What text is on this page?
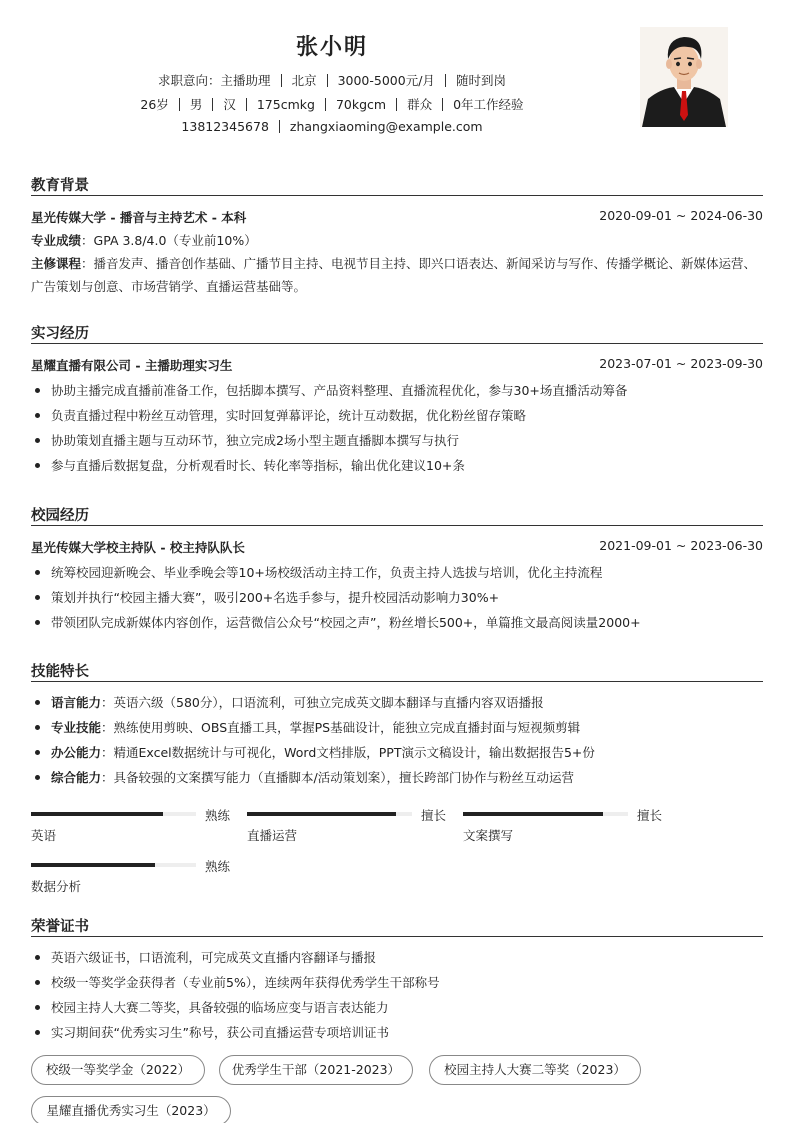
张小明
求职意向：主播助理 北京 3000-5000元/月 随时到岗
26岁 男 汉 175cmkg 70kgcm 群众 0年工作经验
13812345678 zhangxiaoming@example.com
教育背景
星光传媒大学 - 播音与主持艺术 - 本科	2020-09-01 ~ 2024-06-30
专业成绩：GPA 3.8/4.0（专业前10%）
主修课程：播音发声、播音创作基础、广播节目主持、电视节目主持、即兴口语表达、新闻采访与写作、传播学概论、新媒体运营、广告策划与创意、市场营销学、直播运营基础等。
实习经历
星耀直播有限公司 - 主播助理实习生	2023-07-01 ~ 2023-09-30
协助主播完成直播前准备工作，包括脚本撰写、产品资料整理、直播流程优化，参与30+场直播活动筹备
负责直播过程中粉丝互动管理，实时回复弹幕评论，统计互动数据，优化粉丝留存策略
协助策划直播主题与互动环节，独立完成2场小型主题直播脚本撰写与执行
参与直播后数据复盘，分析观看时长、转化率等指标，输出优化建议10+条
校园经历
星光传媒大学校主持队 - 校主持队队长	2021-09-01 ~ 2023-06-30
统筹校园迎新晚会、毕业季晚会等10+场校级活动主持工作，负责主持人选拔与培训，优化主持流程
策划并执行“校园主播大赛”，吸引200+名选手参与，提升校园活动影响力30%+
带领团队完成新媒体内容创作，运营微信公众号“校园之声”，粉丝增长500+，单篇推文最高阅读量2000+
技能特长
语言能力：英语六级（580分），口语流利，可独立完成英文脚本翻译与直播内容双语播报
专业技能：熟练使用剪映、OBS直播工具，掌握PS基础设计，能独立完成直播封面与短视频剪辑
办公能力：精通Excel数据统计与可视化，Word文档排版，PPT演示文稿设计，输出数据报告5+份
综合能力：具备较强的文案撰写能力（直播脚本/活动策划案），擅长跨部门协作与粉丝互动运营
熟练
英语
擅长
直播运营
擅长
文案撰写
熟练
数据分析
荣誉证书
英语六级证书，口语流利，可完成英文直播内容翻译与播报
校级一等奖学金获得者（专业前5%），连续两年获得优秀学生干部称号
校园主持人大赛二等奖，具备较强的临场应变与语言表达能力
实习期间获“优秀实习生”称号，获公司直播运营专项培训证书
校级一等奖学金（2022）	优秀学生干部（2021-2023）	校园主持人大赛二等奖（2023）
星耀直播优秀实习生（2023）
